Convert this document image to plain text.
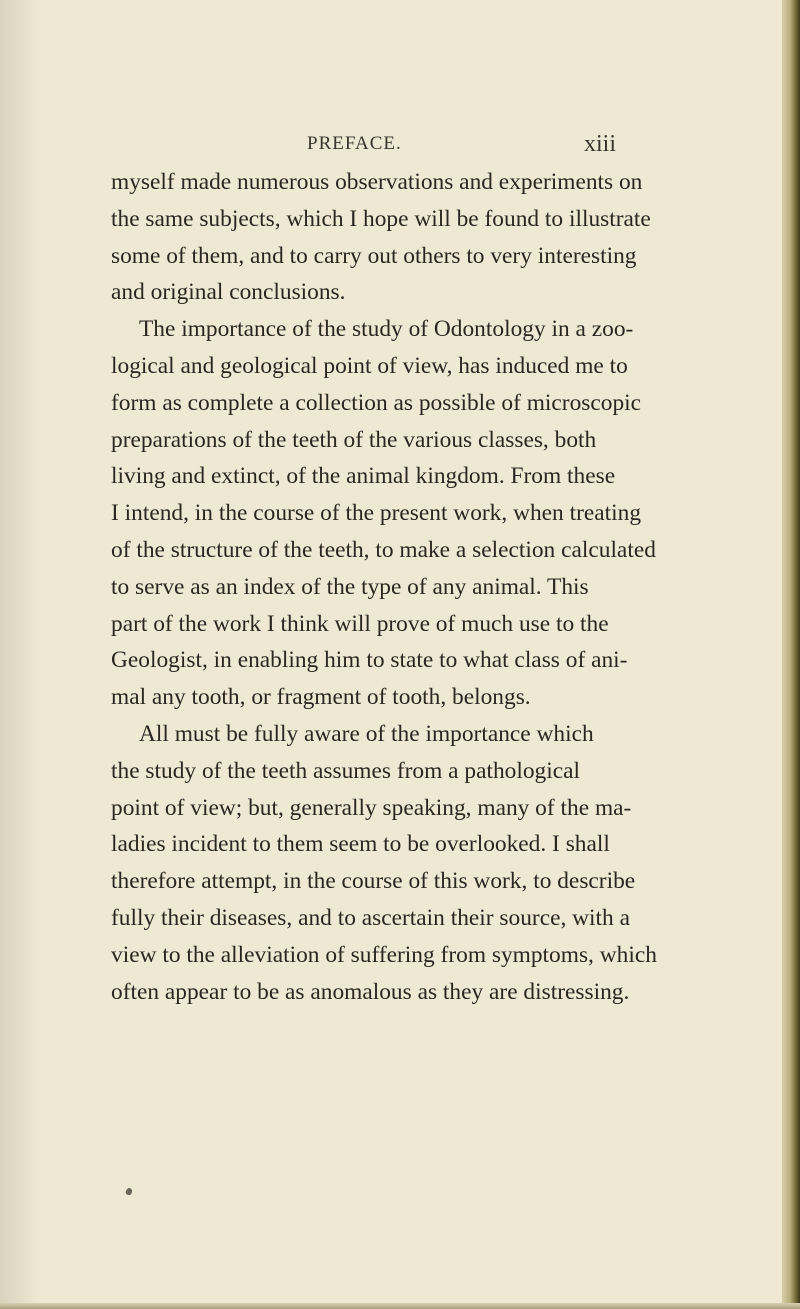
PREFACE.	xiii
myself made numerous observations and experiments on
the same subjects, which I hope will be found to illustrate
some of them, and to carry out others to very interesting
and original conclusions.
The importance of the study of Odontology in a zoo-
logical and geological point of view, has induced me to
form as complete a collection as possible of microscopic
preparations of the teeth of the various classes, both
living and extinct, of the animal kingdom. From these
I intend, in the course of the present work, when treating
of the structure of the teeth, to make a selection calculated
to serve as an index of the type of any animal. This
part of the work I think will prove of much use to the
Geologist, in enabling him to state to what class of ani-
mal any tooth, or fragment of tooth, belongs.
All must be fully aware of the importance which
the study of the teeth assumes from a pathological
point of view; but, generally speaking, many of the ma-
ladies incident to them seem to be overlooked. I shall
therefore attempt, in the course of this work, to describe
fully their diseases, and to ascertain their source, with a
view to the alleviation of suffering from symptoms, which
often appear to be as anomalous as they are distressing.
